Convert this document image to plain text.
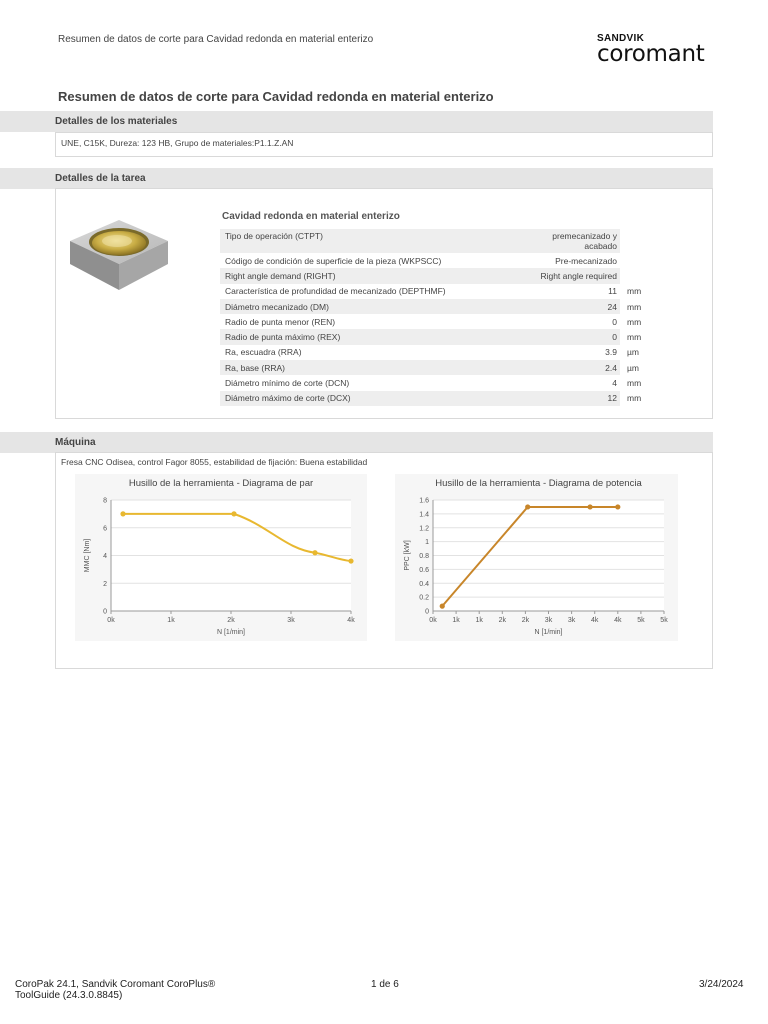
Resumen de datos de corte para Cavidad redonda en material enterizo	SANDVIK
coromant
Resumen de datos de corte para Cavidad redonda en material enterizo
Detalles de los materiales
UNE, C15K, Dureza: 123 HB, Grupo de materiales:P1.1.Z.AN
Detalles de la tarea
Cavidad redonda en material enterizo
Tipo de operación (CTPT)	premecanizado y acabado	
Código de condición de superficie de la pieza (WKPSCC)	Pre-mecanizado	
Right angle demand (RIGHT)	Right angle required	
Característica de profundidad de mecanizado (DEPTHMF)	11	mm
Diámetro mecanizado (DM)	24	mm
Radio de punta menor (REN)	0	mm
Radio de punta máximo (REX)	0	mm
Ra, escuadra (RRA)	3.9	µm
Ra, base (RRA)	2.4	µm
Diámetro mínimo de corte (DCN)	4	mm
Diámetro máximo de corte (DCX)	12	mm
Máquina
Fresa CNC Odisea, control Fagor 8055, estabilidad de fijación: Buena estabilidad
Husillo de la herramienta - Diagrama de par
0
2
4
6
8
0k	1k	2k	3k	4k
N [1/min]
MMC [Nm]
Husillo de la herramienta - Diagrama de potencia
0
0.2
0.4
0.6
0.8
1
1.2
1.4
1.6
0k 1k 1k 2k 2k 3k 3k 4k 4k 5k 5k
N [1/min]
PPC [kW]
CoroPak 24.1, Sandvik Coromant CoroPlus® ToolGuide (24.3.0.8845)
1 de 6	3/24/2024
